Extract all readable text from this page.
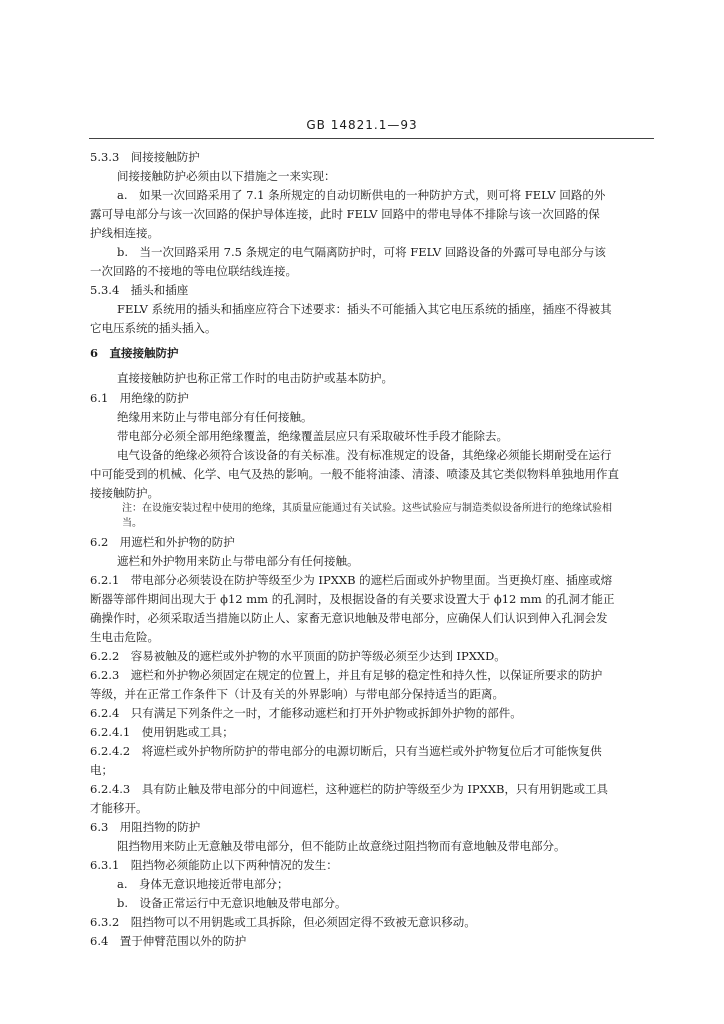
GB 14821.1—93
5.3.3　间接接触防护
间接接触防护必须由以下措施之一来实现：
a.　如果一次回路采用了 7.1 条所规定的自动切断供电的一种防护方式，则可将 FELV 回路的外
露可导电部分与该一次回路的保护导体连接，此时 FELV 回路中的带电导体不排除与该一次回路的保
护线相连接。
b.　当一次回路采用 7.5 条规定的电气隔离防护时，可将 FELV 回路设备的外露可导电部分与该
一次回路的不接地的等电位联结线连接。
5.3.4　插头和插座
FELV 系统用的插头和插座应符合下述要求：插头不可能插入其它电压系统的插座，插座不得被其
它电压系统的插头插入。
6　直接接触防护
直接接触防护也称正常工作时的电击防护或基本防护。
6.1　用绝缘的防护
绝缘用来防止与带电部分有任何接触。
带电部分必须全部用绝缘覆盖，绝缘覆盖层应只有采取破坏性手段才能除去。
电气设备的绝缘必须符合该设备的有关标准。没有标准规定的设备，其绝缘必须能长期耐受在运行
中可能受到的机械、化学、电气及热的影响。一般不能将油漆、清漆、喷漆及其它类似物料单独地用作直
接接触防护。
注：在设施安装过程中使用的绝缘，其质量应能通过有关试验。这些试验应与制造类似设备所进行的绝缘试验相
当。
6.2　用遮栏和外护物的防护
遮栏和外护物用来防止与带电部分有任何接触。
6.2.1　带电部分必须装设在防护等级至少为 IPXXB 的遮栏后面或外护物里面。当更换灯座、插座或熔
断器等部件期间出现大于 ϕ12 mm 的孔洞时，及根据设备的有关要求设置大于 ϕ12 mm 的孔洞才能正
确操作时，必须采取适当措施以防止人、家畜无意识地触及带电部分，应确保人们认识到伸入孔洞会发
生电击危险。
6.2.2　容易被触及的遮栏或外护物的水平顶面的防护等级必须至少达到 IPXXD。
6.2.3　遮栏和外护物必须固定在规定的位置上，并且有足够的稳定性和持久性，以保证所要求的防护
等级，并在正常工作条件下（计及有关的外界影响）与带电部分保持适当的距离。
6.2.4　只有满足下列条件之一时，才能移动遮栏和打开外护物或拆卸外护物的部件。
6.2.4.1　使用钥匙或工具；
6.2.4.2　将遮栏或外护物所防护的带电部分的电源切断后，只有当遮栏或外护物复位后才可能恢复供
电；
6.2.4.3　具有防止触及带电部分的中间遮栏，这种遮栏的防护等级至少为 IPXXB，只有用钥匙或工具
才能移开。
6.3　用阻挡物的防护
阻挡物用来防止无意触及带电部分，但不能防止故意绕过阻挡物而有意地触及带电部分。
6.3.1　阻挡物必须能防止以下两种情况的发生：
a.　身体无意识地接近带电部分；
b.　设备正常运行中无意识地触及带电部分。
6.3.2　阻挡物可以不用钥匙或工具拆除，但必须固定得不致被无意识移动。
6.4　置于伸臂范围以外的防护
